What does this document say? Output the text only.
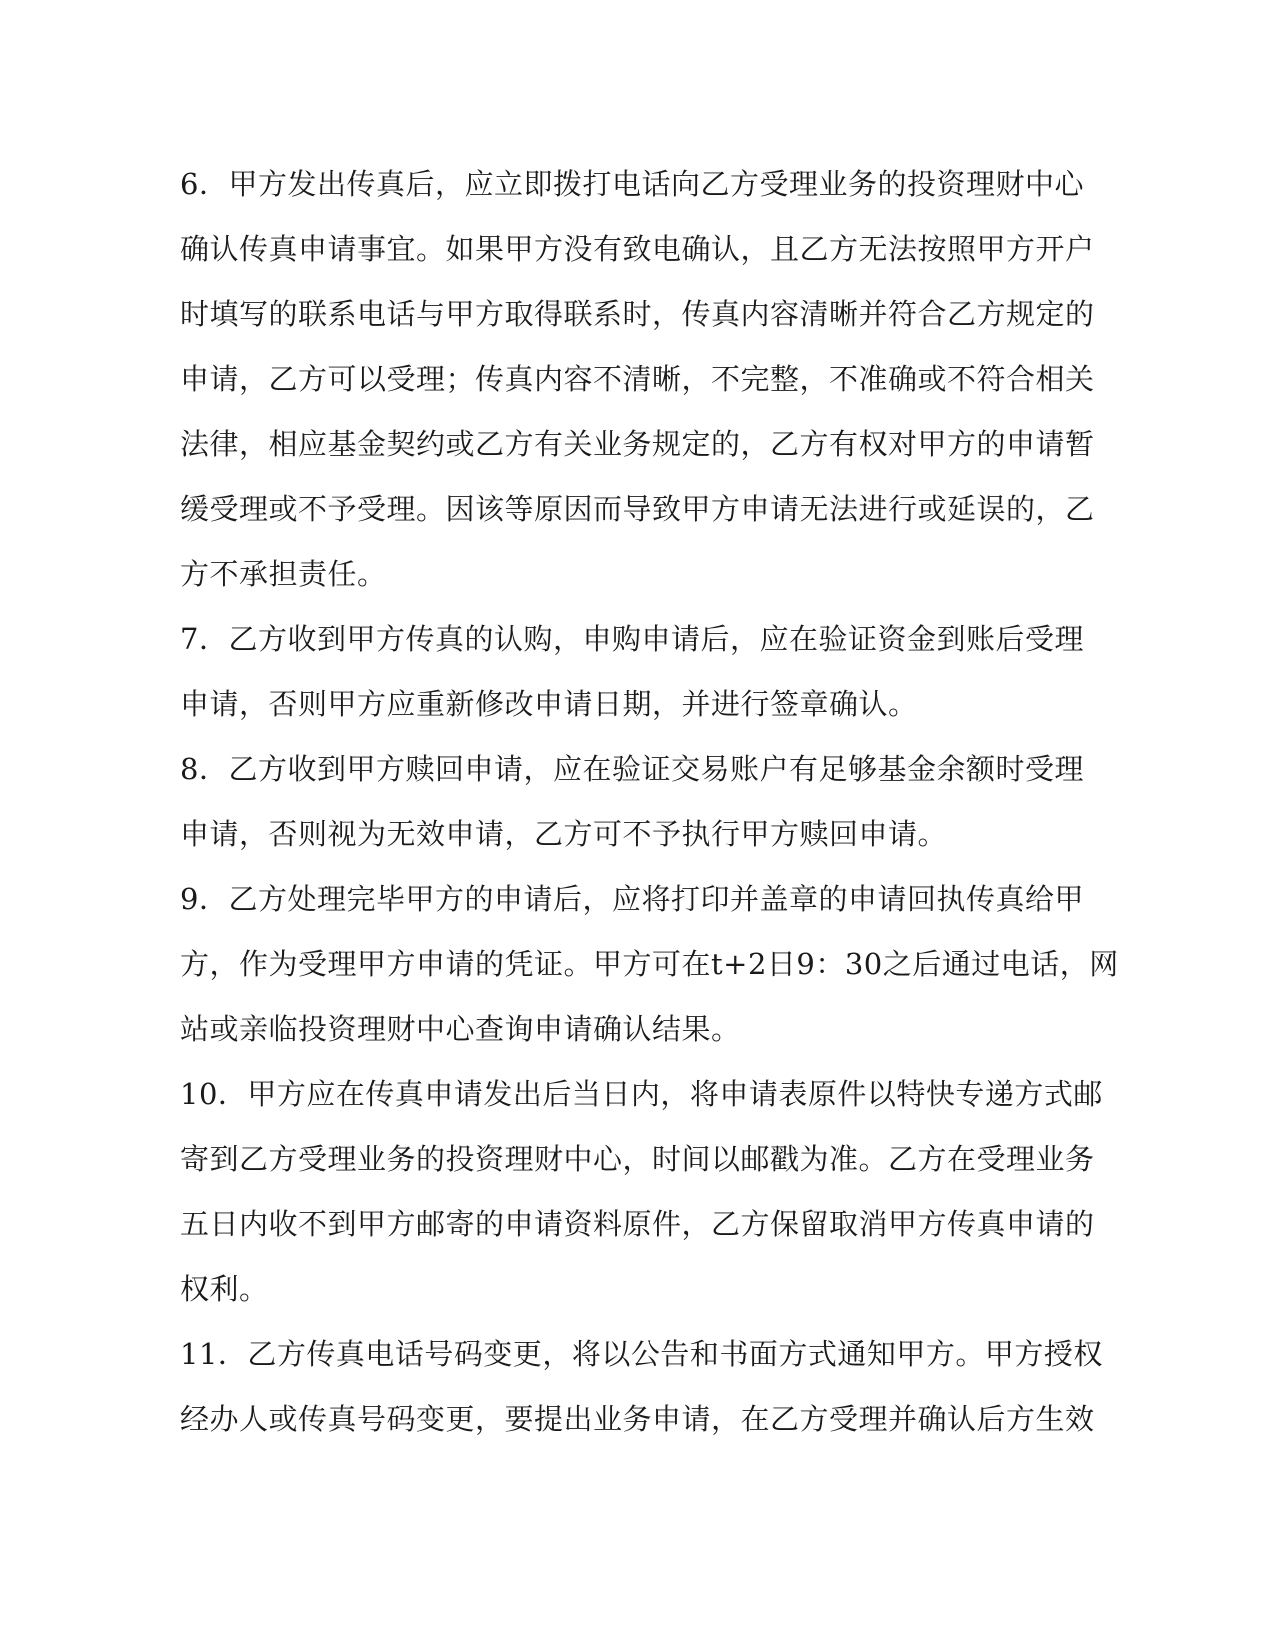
6．甲方发出传真后，应立即拨打电话向乙方受理业务的投资理财中心
确认传真申请事宜。如果甲方没有致电确认，且乙方无法按照甲方开户
时填写的联系电话与甲方取得联系时，传真内容清晰并符合乙方规定的
申请，乙方可以受理；传真内容不清晰，不完整，不准确或不符合相关
法律，相应基金契约或乙方有关业务规定的，乙方有权对甲方的申请暂
缓受理或不予受理。因该等原因而导致甲方申请无法进行或延误的，乙
方不承担责任。
7．乙方收到甲方传真的认购，申购申请后，应在验证资金到账后受理
申请，否则甲方应重新修改申请日期，并进行签章确认。
8．乙方收到甲方赎回申请，应在验证交易账户有足够基金余额时受理
申请，否则视为无效申请，乙方可不予执行甲方赎回申请。
9．乙方处理完毕甲方的申请后，应将打印并盖章的申请回执传真给甲
方，作为受理甲方申请的凭证。甲方可在t+2日9：30之后通过电话，网
站或亲临投资理财中心查询申请确认结果。
10．甲方应在传真申请发出后当日内，将申请表原件以特快专递方式邮
寄到乙方受理业务的投资理财中心，时间以邮戳为准。乙方在受理业务
五日内收不到甲方邮寄的申请资料原件，乙方保留取消甲方传真申请的
权利。
11．乙方传真电话号码变更，将以公告和书面方式通知甲方。甲方授权
经办人或传真号码变更，要提出业务申请，在乙方受理并确认后方生效
